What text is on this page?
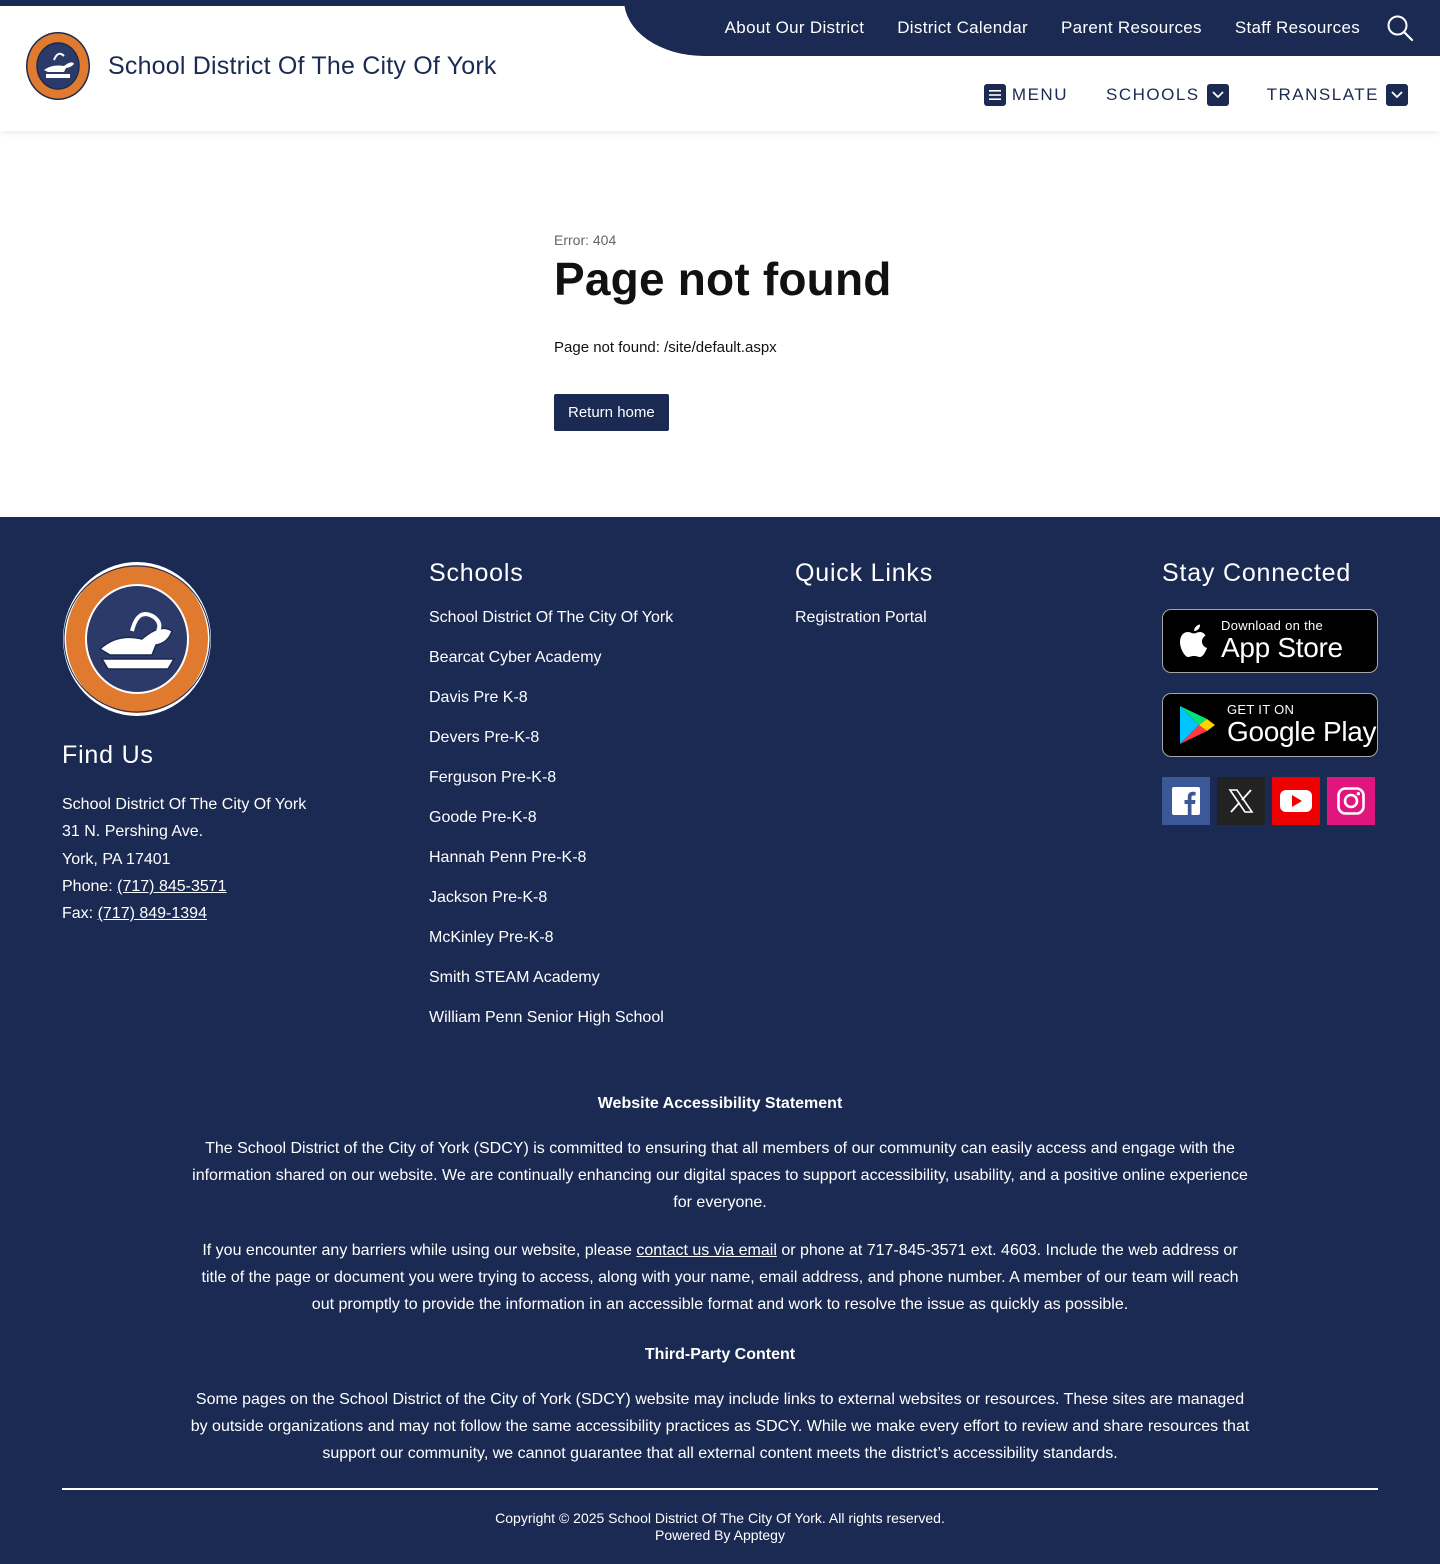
About Our District District Calendar Parent Resources Staff Resources
School District Of The City Of York
MENU SCHOOLS	TRANSLATE
Error: 404
Page not found

Page not found: /site/default.aspx

Return home
Find Us
School District Of The City Of York
31 N. Pershing Ave.
York, PA 17401
Phone: (717) 845-3571
Fax: (717) 849-1394
Schools
School District Of The City Of York
Bearcat Cyber Academy
Davis Pre K-8
Devers Pre-K-8
Ferguson Pre-K-8
Goode Pre-K-8
Hannah Penn Pre-K-8
Jackson Pre-K-8
McKinley Pre-K-8
Smith STEAM Academy
William Penn Senior High School
Quick Links
Registration Portal
Stay Connected
Download on the
App Store
GET IT ON
Google Play
Website Accessibility Statement

The School District of the City of York (SDCY) is committed to ensuring that all members of our community can easily access and engage with the information shared on our website. We are continually enhancing our digital spaces to support accessibility, usability, and a positive online experience for everyone.

If you encounter any barriers while using our website, please contact us via email or phone at 717-845-3571 ext. 4603. Include the web address or title of the page or document you were trying to access, along with your name, email address, and phone number. A member of our team will reach out promptly to provide the information in an accessible format and work to resolve the issue as quickly as possible.

Third-Party Content

Some pages on the School District of the City of York (SDCY) website may include links to external websites or resources. These sites are managed by outside organizations and may not follow the same accessibility practices as SDCY. While we make every effort to review and share resources that support our community, we cannot guarantee that all external content meets the district’s accessibility standards.

Copyright © 2025 School District Of The City Of York. All rights reserved.
Powered By Apptegy
